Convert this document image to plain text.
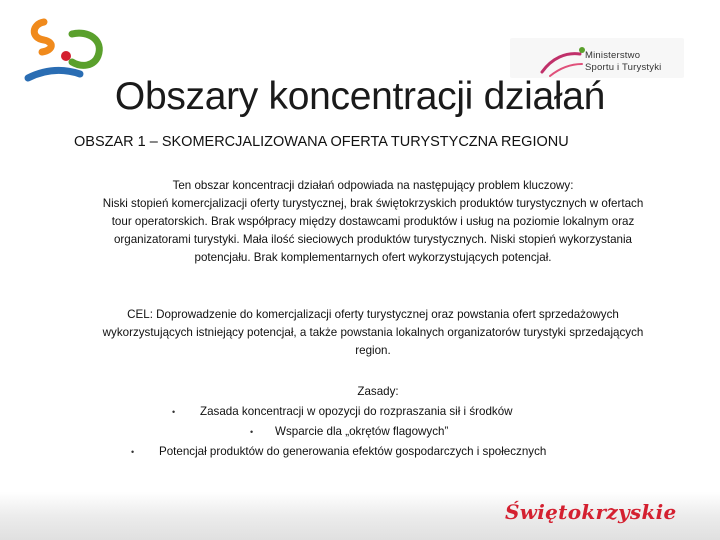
Ministerstwo
Sportu i Turystyki
Obszary koncentracji działań
OBSZAR 1 – SKOMERCJALIZOWANA OFERTA TURYSTYCZNA REGIONU

Ten obszar koncentracji działań odpowiada na następujący problem kluczowy:

Niski stopień komercjalizacji oferty turystycznej, brak świętokrzyskich produktów turystycznych w ofertach

tour operatorskich. Brak współpracy między dostawcami produktów i usług na poziomie lokalnym oraz

organizatorami turystyki. Mała ilość sieciowych produktów turystycznych. Niski stopień wykorzystania

potencjału. Brak komplementarnych ofert wykorzystujących potencjał.

CEL: Doprowadzenie do komercjalizacji oferty turystycznej oraz powstania ofert sprzedażowych

wykorzystujących istniejący potencjał, a także powstania lokalnych organizatorów turystyki sprzedających

region.

Zasady:

• Zasada koncentracji w opozycji do rozpraszania sił i środków
• Wsparcie dla „okrętów flagowych”
• Potencjał produktów do generowania efektów gospodarczych i społecznych
Świętokrzyskie
